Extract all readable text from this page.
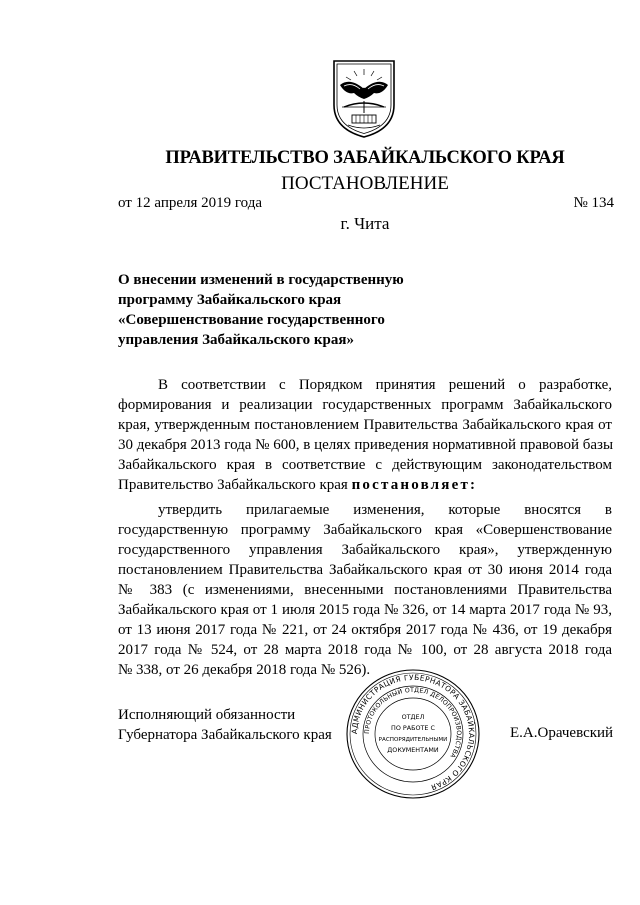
ПРАВИТЕЛЬСТВО ЗАБАЙКАЛЬСКОГО КРАЯ
ПОСТАНОВЛЕНИЕ
от 12 апреля 2019 года	№ 134
г. Чита
О внесении изменений в государственную
программу Забайкальского края
«Совершенствование государственного
управления Забайкальского края»
В соответствии с Порядком принятия решений о разработке,
формирования и реализации государственных программ Забайкальского
края, утвержденным постановлением Правительства Забайкальского края от
30 декабря 2013 года № 600, в целях приведения нормативной правовой базы
Забайкальского края в соответствие с действующим законодательством
Правительство Забайкальского края постановляет:
утвердить прилагаемые изменения, которые вносятся в
государственную программу Забайкальского края «Совершенствование
государственного управления Забайкальского края», утвержденную
постановлением Правительства Забайкальского края от 30 июня 2014 года
№ 383 (с изменениями, внесенными постановлениями Правительства
Забайкальского края от 1 июля 2015 года № 326, от 14 марта 2017 года № 93,
от 13 июня 2017 года № 221, от 24 октября 2017 года № 436, от 19 декабря
2017 года № 524, от 28 марта 2018 года № 100, от 28 августа 2018 года
№ 338, от 26 декабря 2018 года № 526).
Исполняющий обязанности
Губернатора Забайкальского края	Е.А.Орачевский
АДМИНИСТРАЦИЯ ГУБЕРНАТОРА ЗАБАЙКАЛЬСКОГО КРАЯ
ПРОТОКОЛЬНЫЙ ОТДЕЛ ДЕЛОПРОИЗВОДСТВА
ОТДЕЛ
ПО РАБОТЕ С
РАСПОРЯДИТЕЛЬНЫМИ
ДОКУМЕНТАМИ
